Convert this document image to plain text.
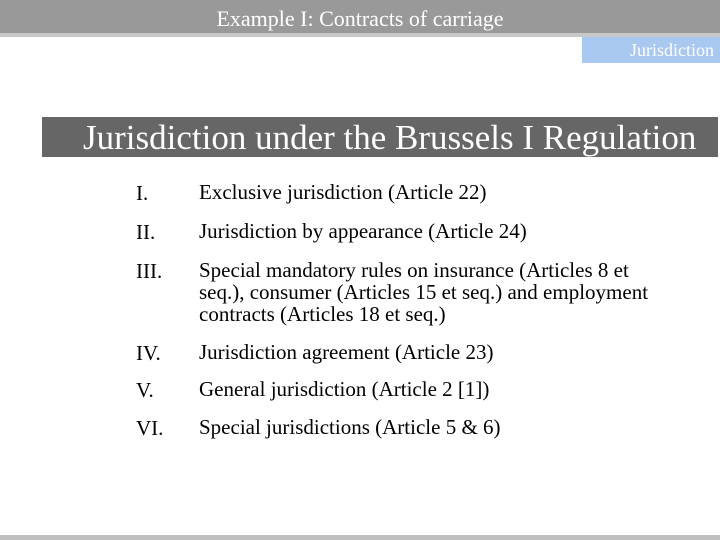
Example I: Contracts of carriage
Jurisdiction
Jurisdiction under the Brussels I Regulation
I. Exclusive jurisdiction (Article 22)
II. Jurisdiction by appearance (Article 24)
III. Special mandatory rules on insurance (Articles 8 et seq.), consumer (Articles 15 et seq.) and employment contracts (Articles 18 et seq.)
IV. Jurisdiction agreement (Article 23)
V. General jurisdiction (Article 2 [1])
VI. Special jurisdictions (Article 5 & 6)
